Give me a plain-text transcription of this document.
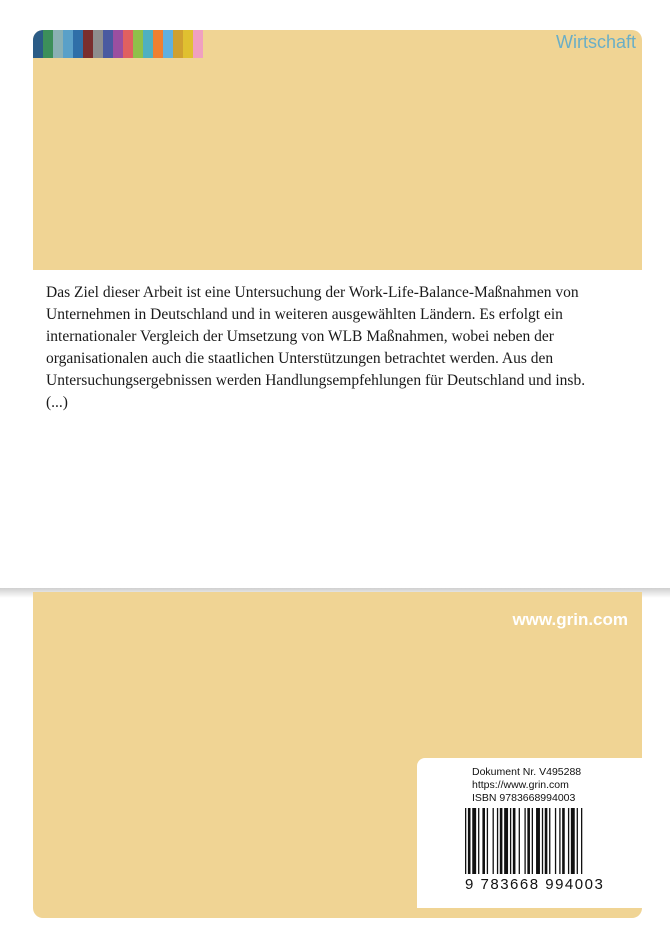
Wirtschaft
Das Ziel dieser Arbeit ist eine Untersuchung der Work-Life-Balance-Maßnahmen von
Unternehmen in Deutschland und in weiteren ausgewählten Ländern. Es erfolgt ein
internationaler Vergleich der Umsetzung von WLB Maßnahmen, wobei neben der
organisationalen auch die staatlichen Unterstützungen betrachtet werden. Aus den
Untersuchungsergebnissen werden Handlungsempfehlungen für Deutschland und insb.
(...)
www.grin.com
Dokument Nr. V495288
https://www.grin.com
ISBN 9783668994003
9 783668 994003
